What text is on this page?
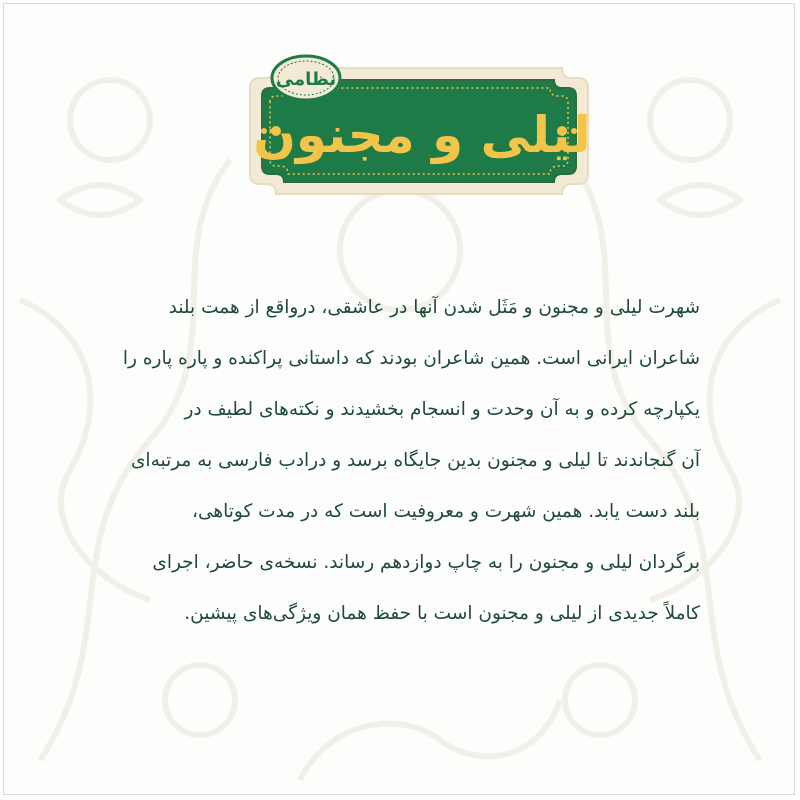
نظامی
لیلی و مجنون
شهرت لیلی و مجنون و مَثَل شدن آنها در عاشقی، درواقع از همت بلند
شاعران ایرانی است. همین شاعران بودند که داستانی پراکنده و پاره پاره را
یکپارچه کرده و به آن وحدت و انسجام بخشیدند و نکته‌های لطیف در
آن گنجاندند تا لیلی و مجنون بدین جایگاه برسد و درادب فارسی به مرتبه‌ای
بلند دست یابد. همین شهرت و معروفیت است که در مدت کوتاهی،
برگردان لیلی و مجنون را به چاپ دوازدهم رساند. نسخه‌ی حاضر، اجرای
کاملاً جدیدی از لیلی و مجنون است با حفظ همان ویژگی‌های پیشین.
